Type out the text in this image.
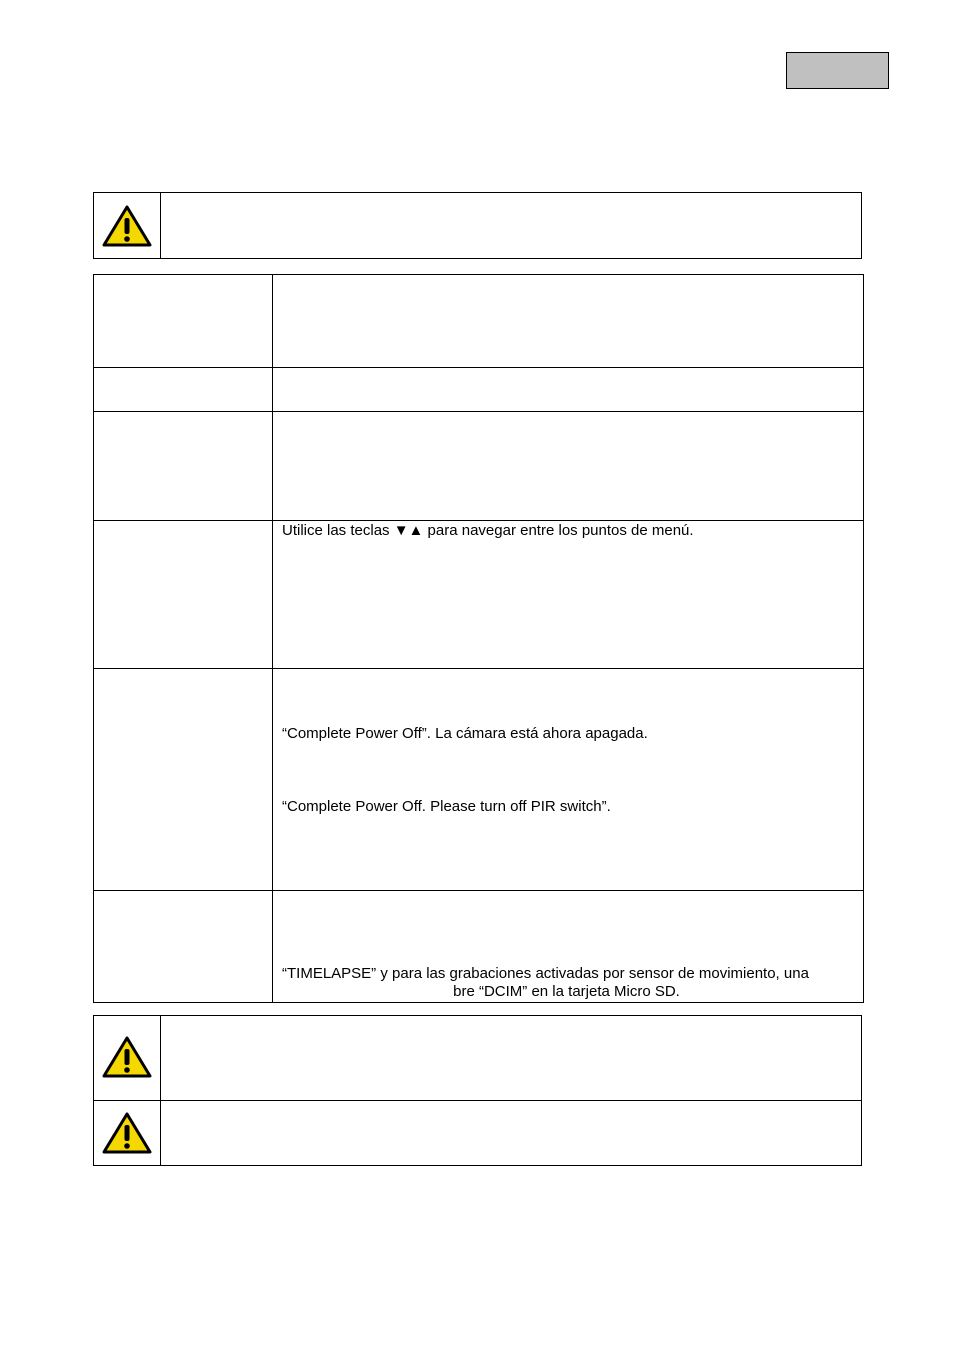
	Utilice las teclas ▼▲ para navegar entre los puntos de menú.

	“Complete Power Off”. La cámara está ahora apagada.
“Complete Power Off. Please turn off PIR switch”.

	“TIMELAPSE” y para las grabaciones activadas por sensor de movimiento, una
bre “DCIM” en la tarjeta Micro SD.
